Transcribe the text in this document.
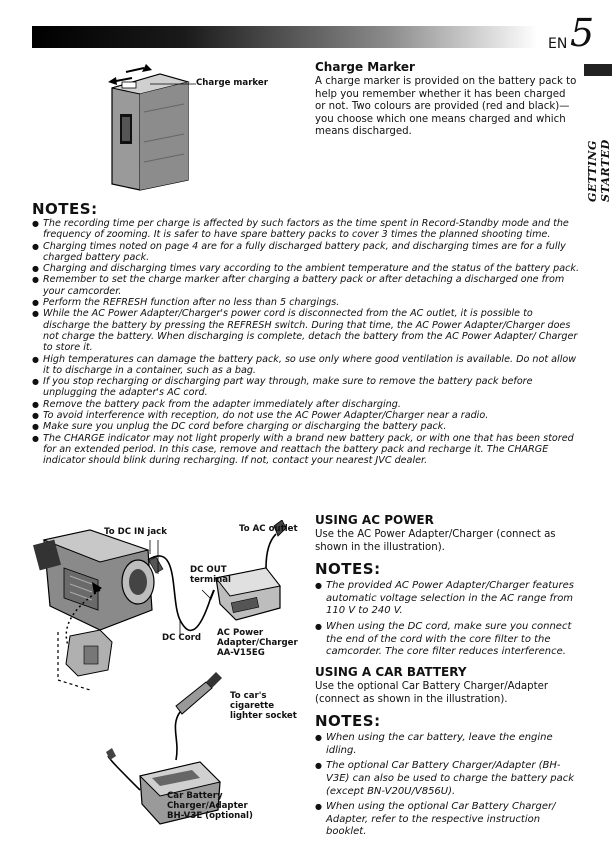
EN 5
GETTING STARTED
Charge marker
Charge Marker
A charge marker is provided on the battery pack to help you remember whether it has been charged or not. Two colours are provided (red and black)—you choose which one means charged and which means discharged.
NOTES:
● The recording time per charge is affected by such factors as the time spent in Record-Standby mode and the frequency of zooming. It is safer to have spare battery packs to cover 3 times the planned shooting time.
● Charging times noted on page 4 are for a fully discharged battery pack, and discharging times are for a fully charged battery pack.
● Charging and discharging times vary according to the ambient temperature and the status of the battery pack.
● Remember to set the charge marker after charging a battery pack or after detaching a discharged one from your camcorder.
● Perform the REFRESH function after no less than 5 chargings.
● While the AC Power Adapter/Charger's power cord is disconnected from the AC outlet, it is possible to discharge the battery by pressing the REFRESH switch. During that time, the AC Power Adapter/Charger does not charge the battery. When discharging is complete, detach the battery from the AC Power Adapter/ Charger to store it.
● High temperatures can damage the battery pack, so use only where good ventilation is available. Do not allow it to discharge in a container, such as a bag.
● If you stop recharging or discharging part way through, make sure to remove the battery pack before unplugging the adapter's AC cord.
● Remove the battery pack from the adapter immediately after discharging.
● To avoid interference with reception, do not use the AC Power Adapter/Charger near a radio.
● Make sure you unplug the DC cord before charging or discharging the battery pack.
● The CHARGE indicator may not light properly with a brand new battery pack, or with one that has been stored for an extended period. In this case, remove and reattach the battery pack and recharge it. The CHARGE indicator should blink during recharging. If not, contact your nearest JVC dealer.
To DC IN jack	To AC outlet
DC OUT
terminal
DC Cord AC Power
Adapter/Charger
AA-V15EG
To car's
cigarette
lighter socket
Car Battery
Charger/Adapter
BH-V3E (optional)
USING AC POWER
Use the AC Power Adapter/Charger (connect as shown in the illustration).
NOTES:
● The provided AC Power Adapter/Charger features automatic voltage selection in the AC range from 110 V to 240 V.
● When using the DC cord, make sure you connect the end of the cord with the core filter to the camcorder. The core filter reduces interference.
USING A CAR BATTERY
Use the optional Car Battery Charger/Adapter (connect as shown in the illustration).
NOTES:
● When using the car battery, leave the engine idling.
● The optional Car Battery Charger/Adapter (BH-V3E) can also be used to charge the battery pack (except BN-V20U/V856U).
● When using the optional Car Battery Charger/ Adapter, refer to the respective instruction booklet.
